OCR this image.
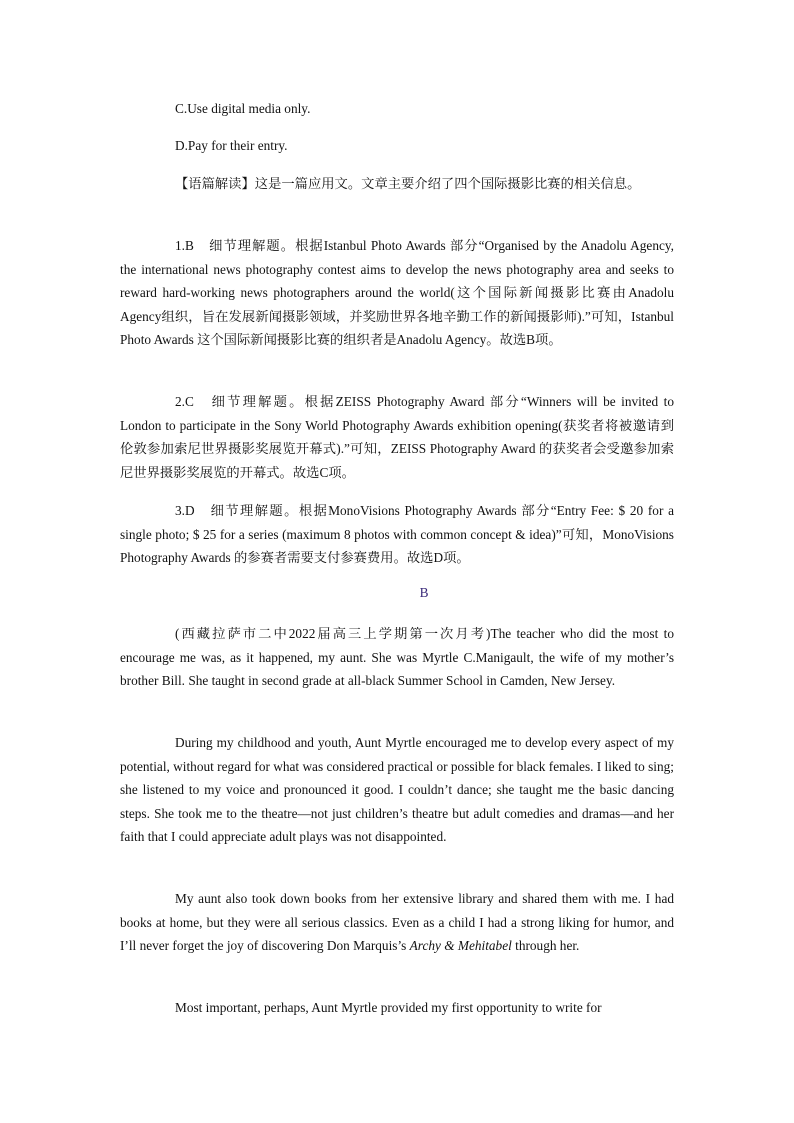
C.Use digital media only.

D.Pay for their entry.

【语篇解读】这是一篇应用文。文章主要介绍了四个国际摄影比赛的相关信息。

1.B　细节理解题。根据Istanbul Photo Awards 部分“Organised by the Anadolu Agency, the international news photography contest aims to develop the news photography area and seeks to reward hard-working news photographers around the world(这个国际新闻摄影比赛由Anadolu Agency组织，旨在发展新闻摄影领域，并奖励世界各地辛勤工作的新闻摄影师).”可知，Istanbul Photo Awards 这个国际新闻摄影比赛的组织者是Anadolu Agency。故选B项。

2.C　细节理解题。根据ZEISS Photography Award 部分“Winners will be invited to London to participate in the Sony World Photography Awards exhibition opening(获奖者将被邀请到伦敦参加索尼世界摄影奖展览开幕式).”可知，ZEISS Photography Award 的获奖者会受邀参加索尼世界摄影奖展览的开幕式。故选C项。

3.D　细节理解题。根据MonoVisions Photography Awards 部分“Entry Fee: $ 20 for a single photo; $ 25 for a series (maximum 8 photos with common concept & idea)”可知，MonoVisions Photography Awards 的参赛者需要支付参赛费用。故选D项。

B

(西藏拉萨市二中2022届高三上学期第一次月考)The teacher who did the most to encourage me was, as it happened, my aunt. She was Myrtle C.Manigault, the wife of my mother’s brother Bill. She taught in second grade at all-black Summer School in Camden, New Jersey.

During my childhood and youth, Aunt Myrtle encouraged me to develop every aspect of my potential, without regard for what was considered practical or possible for black females. I liked to sing; she listened to my voice and pronounced it good. I couldn’t dance; she taught me the basic dancing steps. She took me to the theatre—not just children’s theatre but adult comedies and dramas—and her faith that I could appreciate adult plays was not disappointed.

My aunt also took down books from her extensive library and shared them with me. I had books at home, but they were all serious classics. Even as a child I had a strong liking for humor, and I’ll never forget the joy of discovering Don Marquis’s Archy & Mehitabel through her.

Most important, perhaps, Aunt Myrtle provided my first opportunity to write for
